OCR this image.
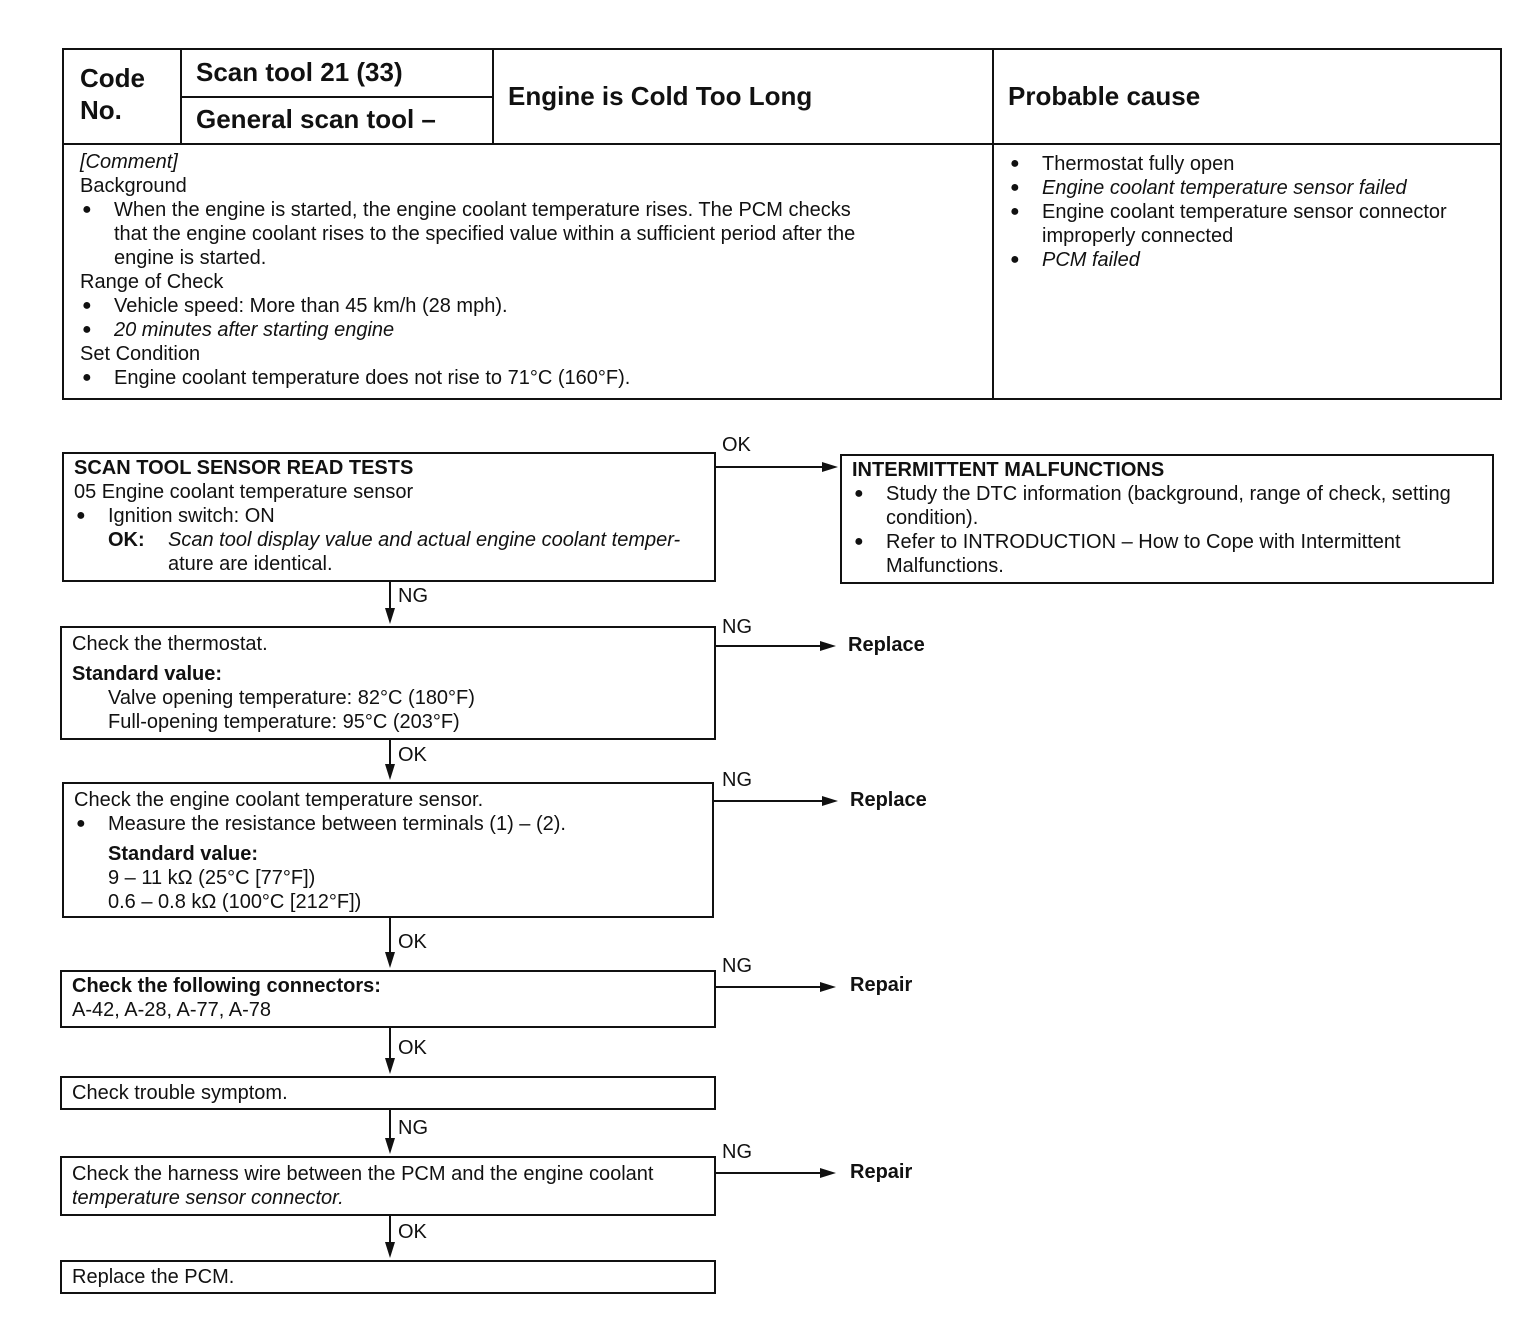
Code
No.
Scan tool 21 (33)
General scan tool –
Engine is Cold Too Long	Probable cause
[Comment]
Background
● When the engine is started, the engine coolant temperature rises. The PCM checks
that the engine coolant rises to the specified value within a sufficient period after the
engine is started.
Range of Check
● Vehicle speed: More than 45 km/h (28 mph).
● 20 minutes after starting engine
Set Condition
● Engine coolant temperature does not rise to 71°C (160°F).
● Thermostat fully open
● Engine coolant temperature sensor failed
● Engine coolant temperature sensor connector
improperly connected
● PCM failed
SCAN TOOL SENSOR READ TESTS
05 Engine coolant temperature sensor
● Ignition switch: ON
OK: Scan tool display value and actual engine coolant temper-
ature are identical.
INTERMITTENT MALFUNCTIONS
● Study the DTC information (background, range of check, setting
condition).
● Refer to INTRODUCTION – How to Cope with Intermittent
Malfunctions.
OK
NG
Check the thermostat.
Standard value:
Valve opening temperature: 82°C (180°F)
Full-opening temperature: 95°C (203°F)
NG
Replace
OK
Check the engine coolant temperature sensor.
● Measure the resistance between terminals (1) – (2).
Standard value:
9 – 11 kΩ (25°C [77°F])
0.6 – 0.8 kΩ (100°C [212°F])
NG
Replace
OK
Check the following connectors:
A-42, A-28, A-77, A-78
NG
Repair
OK
Check trouble symptom.
NG
Check the harness wire between the PCM and the engine coolant
temperature sensor connector.
NG
Repair
OK
Replace the PCM.
